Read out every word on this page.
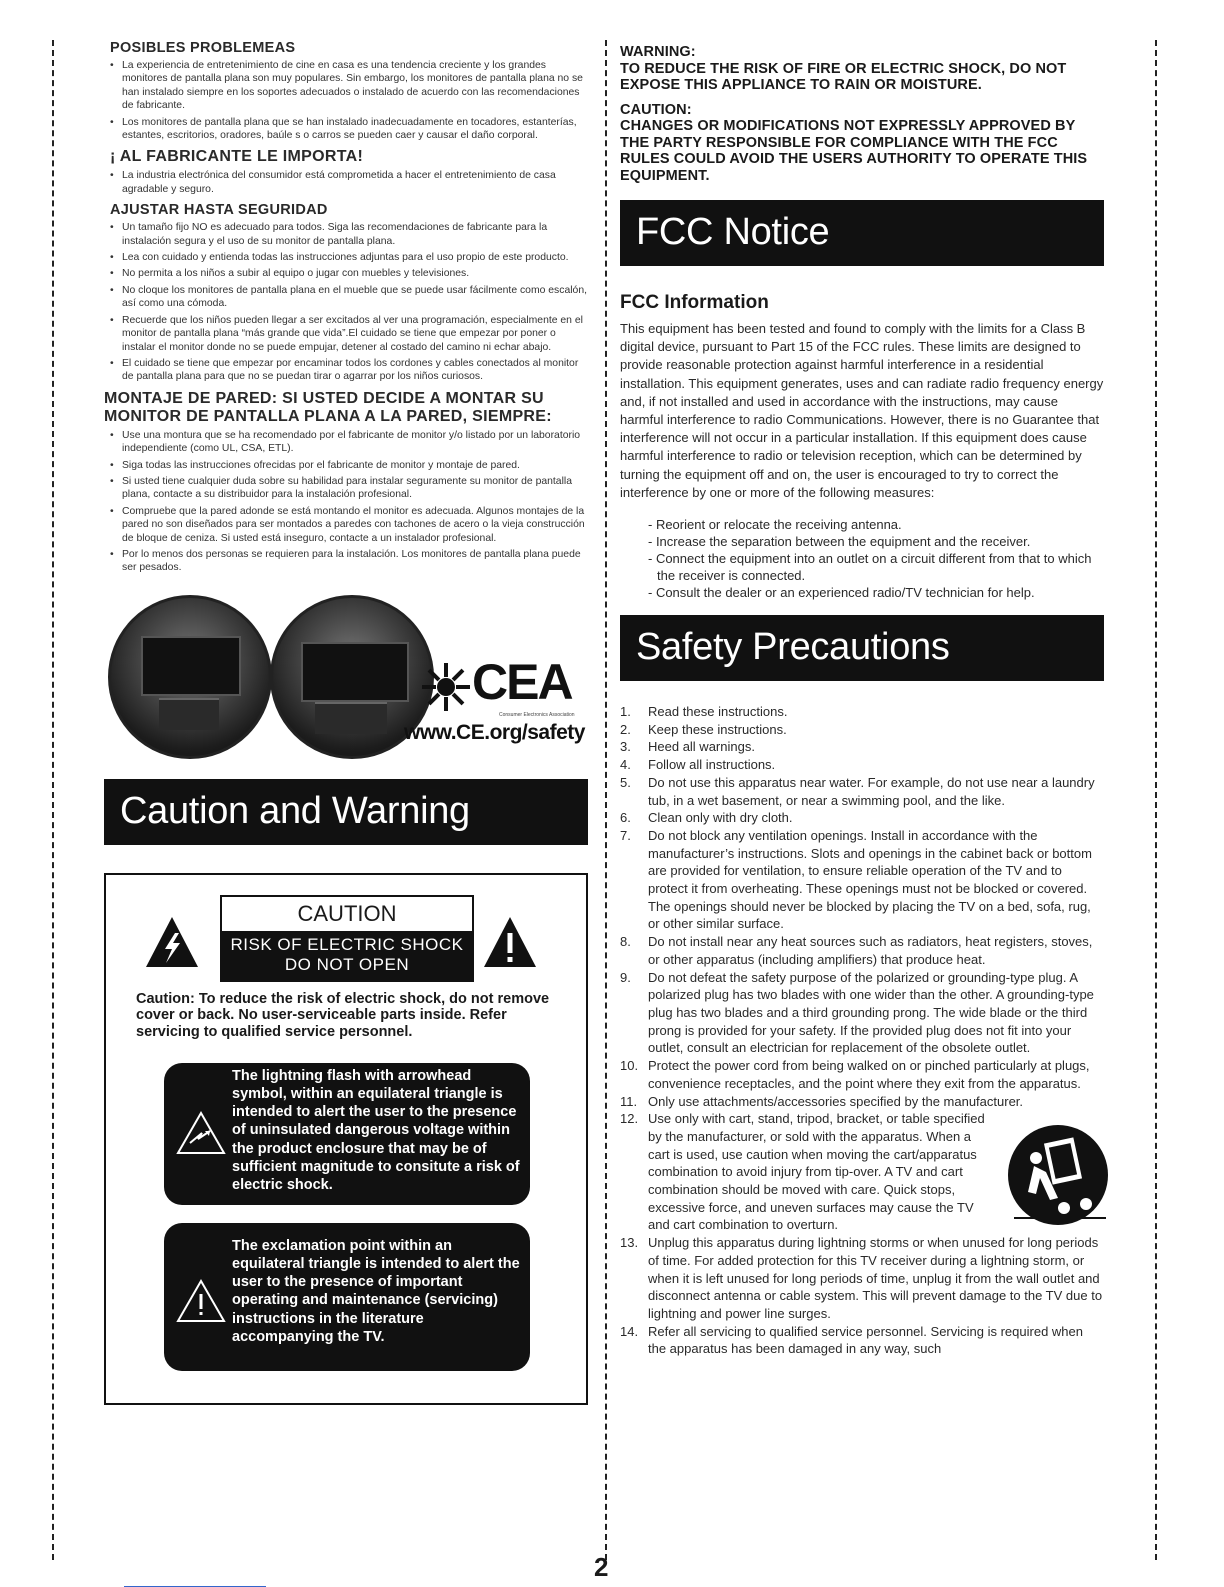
POSIBLES PROBLEMEAS
• La experiencia de entretenimiento de cine en casa es una tendencia creciente y los grandes monitores de pantalla plana son muy populares. Sin embargo, los monitores de pantalla plana no se han instalado siempre en los soportes adecuados o instalado de acuerdo con las recomendaciones de fabricante.
• Los monitores de pantalla plana que se han instalado inadecuadamente en tocadores, estanterías, estantes, escritorios, oradores, baúle s o carros se pueden caer y causar el daño corporal.
¡ AL FABRICANTE LE IMPORTA!
• La industria electrónica del consumidor está comprometida a hacer el entretenimiento de casa agradable y seguro.
AJUSTAR HASTA SEGURIDAD
• Un tamaño fijo NO es adecuado para todos. Siga las recomendaciones de fabricante para la instalación segura y el uso de su monitor de pantalla plana.
• Lea con cuidado y entienda todas las instrucciones adjuntas para el uso propio de este producto.
• No permita a los niños a subir al equipo o jugar con muebles y televisiones.
• No cloque los monitores de pantalla plana en el mueble que se puede usar fácilmente como escalón, así como una cómoda.
• Recuerde que los niños pueden llegar a ser excitados al ver una programación, especialmente en el monitor de pantalla plana “más grande que vida”.El cuidado se tiene que empezar por poner o instalar el monitor donde no se puede empujar, detener al costado del camino ni echar abajo.
• El cuidado se tiene que empezar por encaminar todos los cordones y cables conectados al monitor de pantalla plana para que no se puedan tirar o agarrar por los niños curiosos.
MONTAJE DE PARED: SI USTED DECIDE A MONTAR SU
MONITOR DE PANTALLA PLANA A LA PARED, SIEMPRE:
• Use una montura que se ha recomendado por el fabricante de monitor y/o listado por un laboratorio independiente (como UL, CSA, ETL).
• Siga todas las instrucciones ofrecidas por el fabricante de monitor y montaje de pared.
• Si usted tiene cualquier duda sobre su habilidad para instalar seguramente su monitor de pantalla plana, contacte a su distribuidor para la instalación profesional.
• Compruebe que la pared adonde se está montando el monitor es adecuada. Algunos montajes de la pared no son diseñados para ser montados a paredes con tachones de acero o la vieja construcción de bloque de ceniza. Si usted está inseguro, contacte a un instalador profesional.
• Por lo menos dos personas se requieren para la instalación. Los monitores de pantalla plana puede ser pesados.
CEA
Consumer Electronics Association
www.CE.org/safety
Caution and Warning
CAUTION
RISK OF ELECTRIC SHOCK
DO NOT OPEN
Caution: To reduce the risk of electric shock, do not remove cover or back. No user-serviceable parts inside. Refer servicing to qualified service personnel.
The lightning flash with arrowhead symbol, within an equilateral triangle is intended to alert the user to the presence of uninsulated dangerous voltage within the product enclosure that may be of sufficient magnitude to consitute a risk of electric shock.
The exclamation point within an equilateral triangle is intended to alert the user to the presence of important operating and maintenance (servicing) instructions in the literature accompanying the TV.
WARNING:
TO REDUCE THE RISK OF FIRE OR ELECTRIC SHOCK, DO NOT EXPOSE THIS APPLIANCE TO RAIN OR MOISTURE.
CAUTION:
CHANGES OR MODIFICATIONS NOT EXPRESSLY APPROVED BY THE PARTY RESPONSIBLE FOR COMPLIANCE WITH THE FCC RULES COULD AVOID THE USERS AUTHORITY TO OPERATE THIS EQUIPMENT.
FCC Notice
FCC Information

This equipment has been tested and found to comply with the limits for a Class B digital device, pursuant to Part 15 of the FCC rules. These limits are designed to provide reasonable protection against harmful interference in a residential installation. This equipment generates, uses and can radiate radio frequency energy and, if not installed and used in accordance with the instructions, may cause harmful interference to radio Communications. However, there is no Guarantee that interference will not occur in a particular installation. If this equipment does cause harmful interference to radio or television reception, which can be determined by turning the equipment off and on, the user is encouraged to try to correct the interference by one or more of the following measures:

- Reorient or relocate the receiving antenna.
- Increase the separation between the equipment and the receiver.
- Connect the equipment into an outlet on a circuit different from that to which the receiver is connected.
- Consult the dealer or an experienced radio/TV technician for help.
Safety Precautions
1.	Read these instructions.
2.	Keep these instructions.
3.	Heed all warnings.
4.	Follow all instructions.
5.	Do not use this apparatus near water. For example, do not use near a laundry tub, in a wet basement, or near a swimming pool, and the like.
6.	Clean only with dry cloth.
7.	Do not block any ventilation openings. Install in accordance with the manufacturer’s instructions. Slots and openings in the cabinet back or bottom are provided for ventilation, to ensure reliable operation of the TV and to protect it from overheating. These openings must not be blocked or covered. The openings should never be blocked by placing the TV on a bed, sofa, rug, or other similar surface.
8.	Do not install near any heat sources such as radiators, heat registers, stoves, or other apparatus (including amplifiers) that produce heat.
9.	Do not defeat the safety purpose of the polarized or grounding-type plug. A polarized plug has two blades with one wider than the other. A grounding-type plug has two blades and a third grounding prong. The wide blade or the third prong is provided for your safety. If the provided plug does not fit into your outlet, consult an electrician for replacement of the obsolete outlet.
10. Protect the power cord from being walked on or pinched particularly at plugs, convenience receptacles, and the point where they exit from the apparatus.
11. Only use attachments/accessories specified by the manufacturer.
12. Use only with cart, stand, tripod, bracket, or table specified by the manufacturer, or sold with the apparatus. When a cart is used, use caution when moving the cart/apparatus combination to avoid injury from tip-over. A TV and cart combination should be moved with care. Quick stops, excessive force, and uneven surfaces may cause the TV and cart combination to overturn.
13. Unplug this apparatus during lightning storms or when unused for long periods of time. For added protection for this TV receiver during a lightning storm, or when it is left unused for long periods of time, unplug it from the wall outlet and disconnect antenna or cable system. This will prevent damage to the TV due to lightning and power line surges.
14. Refer all servicing to qualified service personnel. Servicing is required when the apparatus has been damaged in any way, such
2
